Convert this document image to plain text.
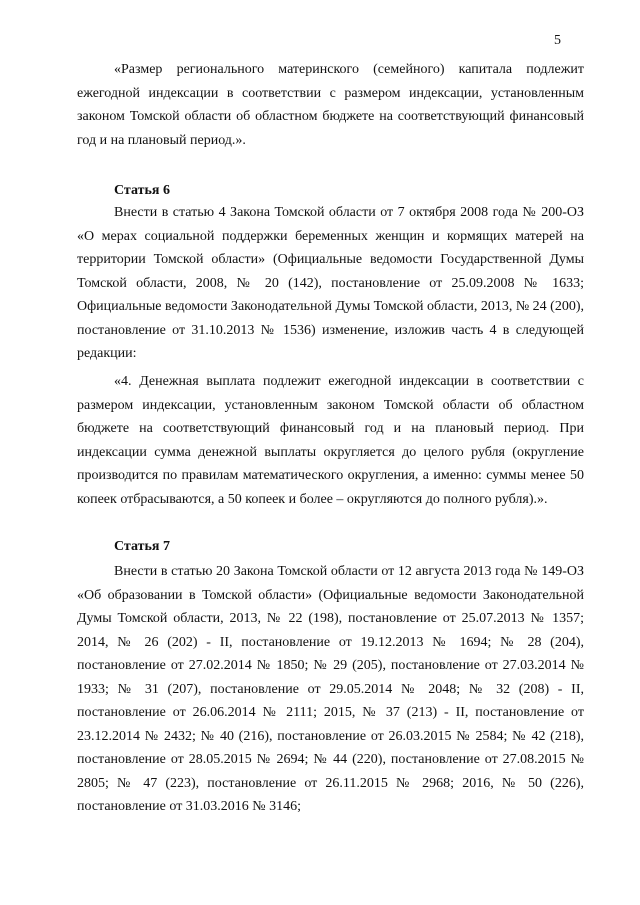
5

«Размер регионального материнского (семейного) капитала подлежит ежегодной индексации в соответствии с размером индексации, установленным законом Томской области об областном бюджете на соответствующий финансовый год и на плановый период.».

Статья 6

Внести в статью 4 Закона Томской области от 7 октября 2008 года № 200-ОЗ «О мерах социальной поддержки беременных женщин и кормящих матерей на территории Томской области» (Официальные ведомости Государственной Думы Томской области, 2008, № 20 (142), постановление от 25.09.2008 № 1633; Официальные ведомости Законодательной Думы Томской области, 2013, № 24 (200), постановление от 31.10.2013 № 1536) изменение, изложив часть 4 в следующей редакции:

«4. Денежная выплата подлежит ежегодной индексации в соответствии с размером индексации, установленным законом Томской области об областном бюджете на соответствующий финансовый год и на плановый период. При индексации сумма денежной выплаты округляется до целого рубля (округление производится по правилам математического округления, а именно: суммы менее 50 копеек отбрасываются, а 50 копеек и более – округляются до полного рубля).».

Статья 7

Внести в статью 20 Закона Томской области от 12 августа 2013 года № 149-ОЗ «Об образовании в Томской области» (Официальные ведомости Законодательной Думы Томской области, 2013, № 22 (198), постановление от 25.07.2013 № 1357; 2014, № 26 (202) - II, постановление от 19.12.2013 № 1694; № 28 (204), постановление от 27.02.2014 № 1850; № 29 (205), постановление от 27.03.2014 № 1933; № 31 (207), постановление от 29.05.2014 № 2048; № 32 (208) - II, постановление от 26.06.2014 № 2111; 2015, № 37 (213) - II, постановление от 23.12.2014 № 2432; № 40 (216), постановление от 26.03.2015 № 2584; № 42 (218), постановление от 28.05.2015 № 2694; № 44 (220), постановление от 27.08.2015 № 2805; № 47 (223), постановление от 26.11.2015 № 2968; 2016, № 50 (226), постановление от 31.03.2016 № 3146;
